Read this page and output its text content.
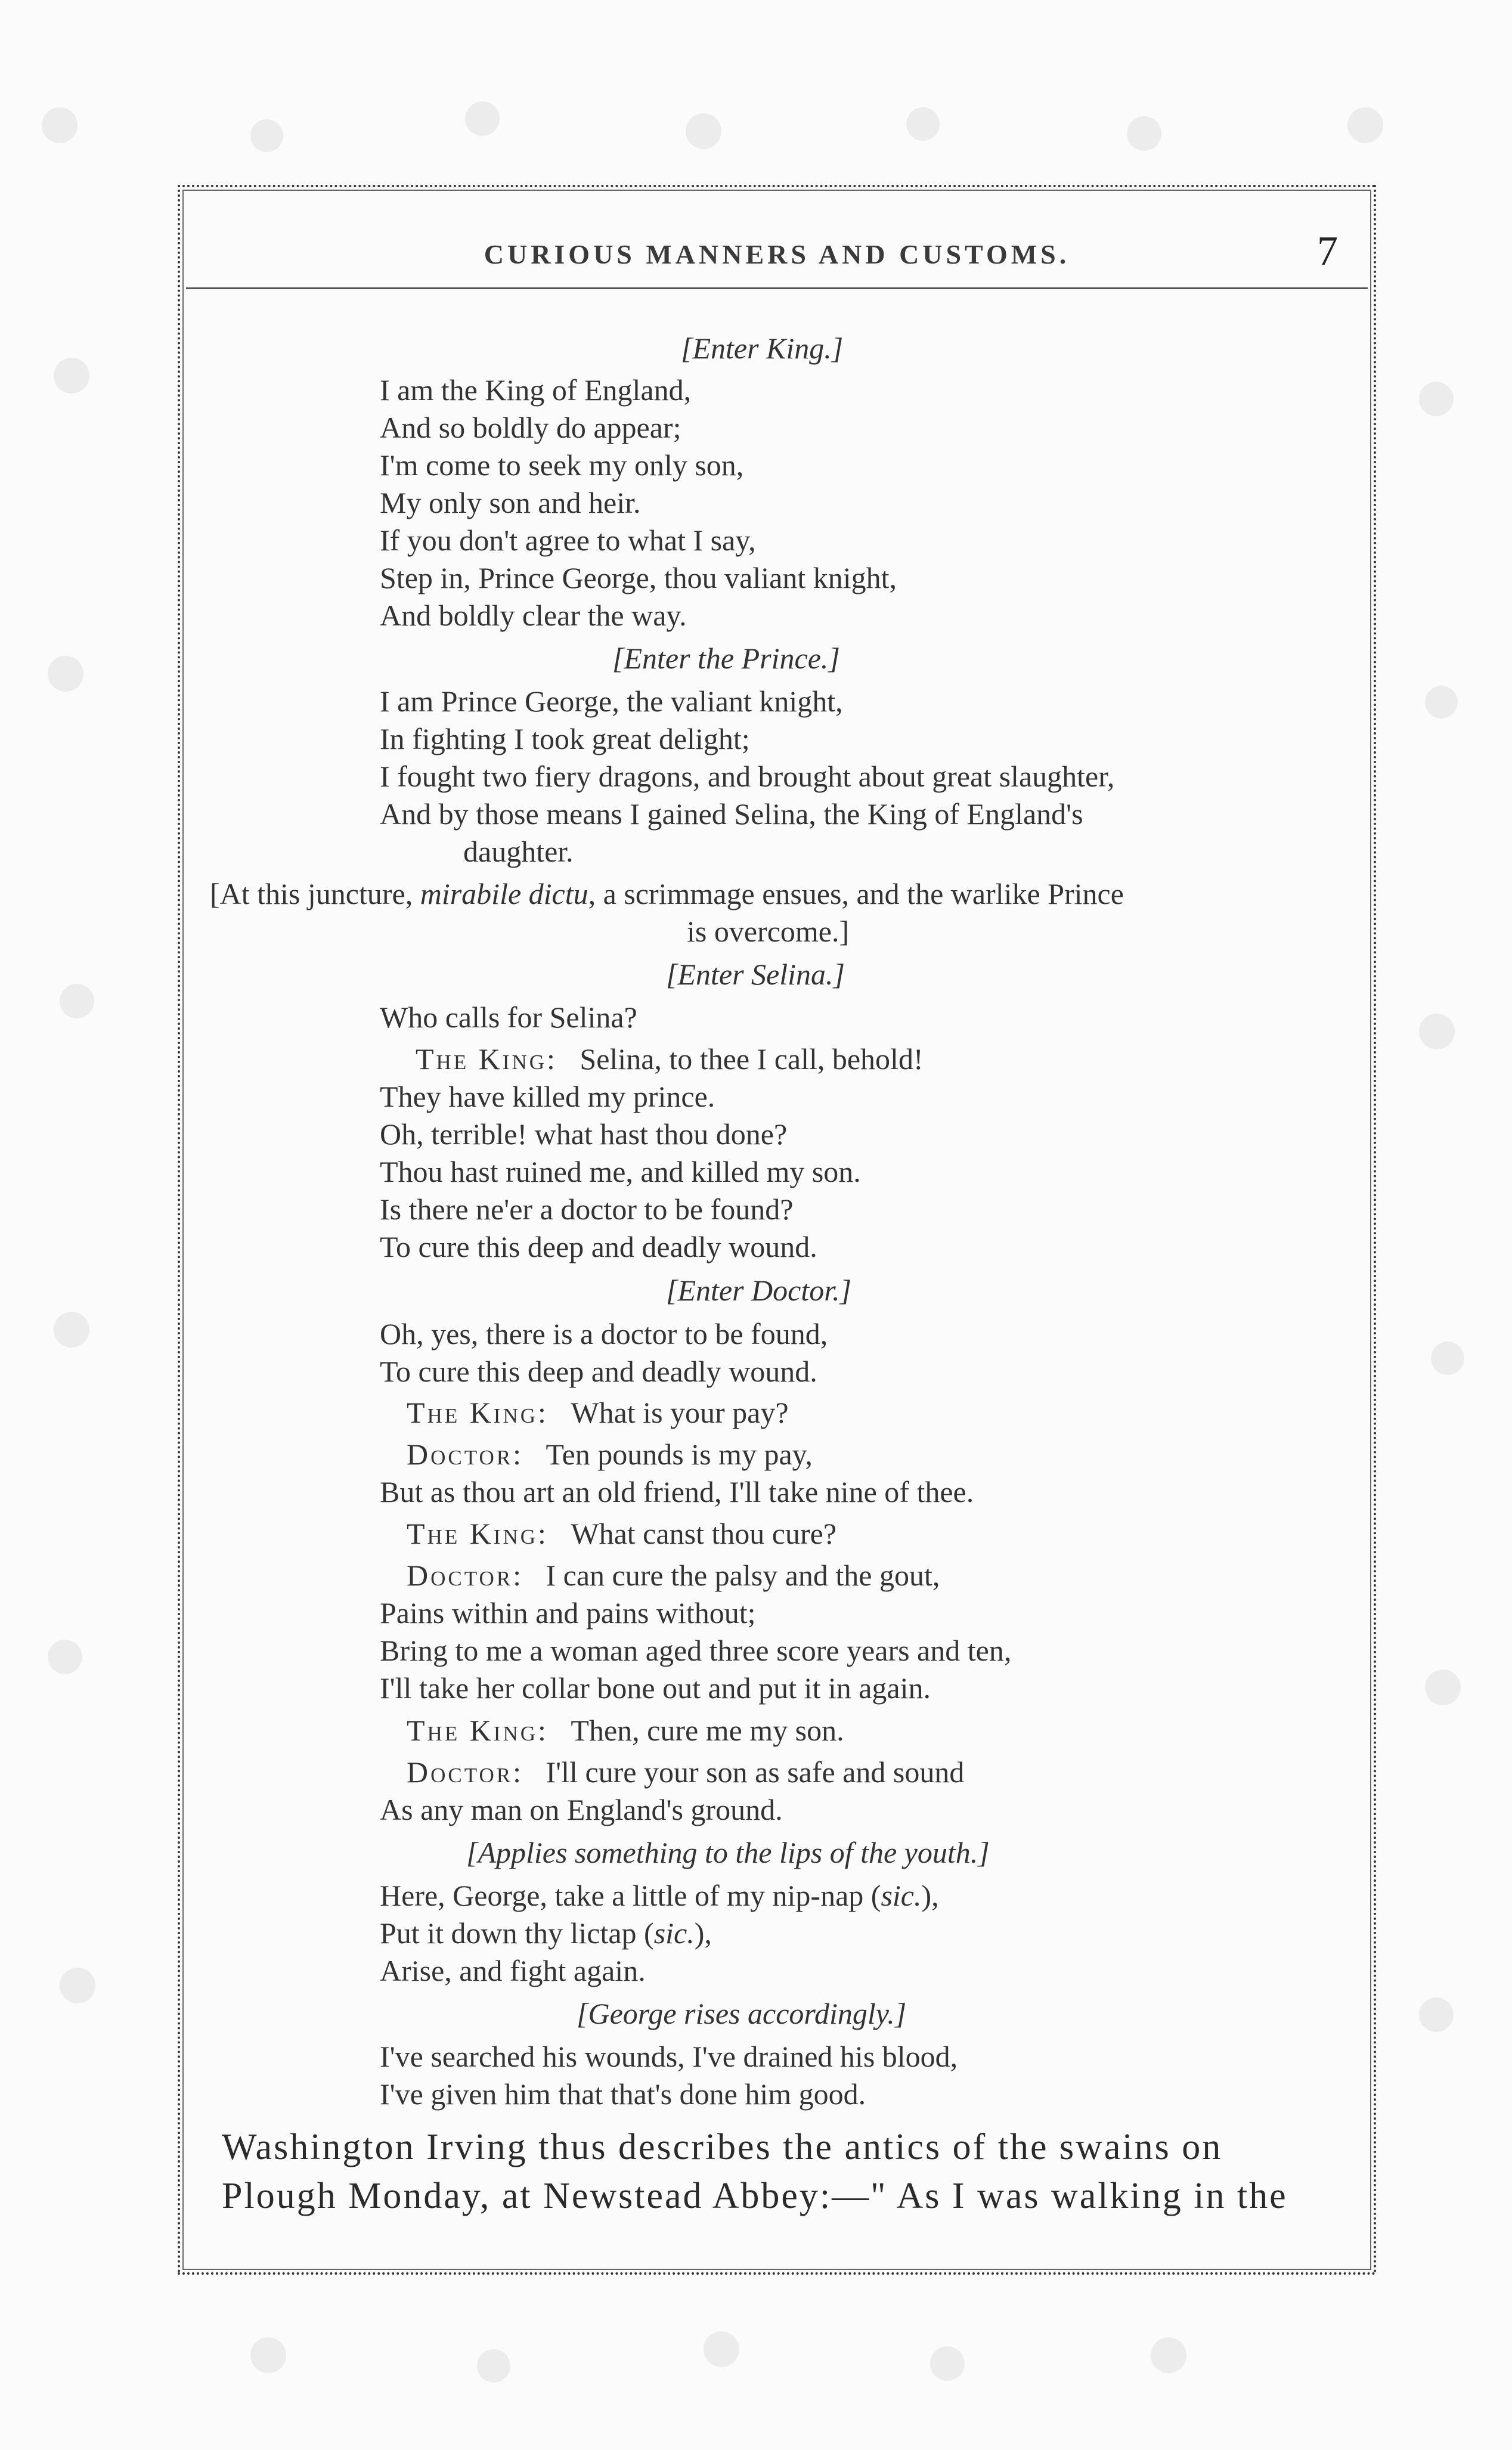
CURIOUS MANNERS AND CUSTOMS.	7
[Enter King.]
I am the King of England,
And so boldly do appear;
I'm come to seek my only son,
My only son and heir.
If you don't agree to what I say,
Step in, Prince George, thou valiant knight,
And boldly clear the way.
[Enter the Prince.]
I am Prince George, the valiant knight,
In fighting I took great delight;
I fought two fiery dragons, and brought about great slaughter,
And by those means I gained Selina, the King of England's
daughter.
[At this juncture, mirabile dictu, a scrimmage ensues, and the warlike Prince
is overcome.]
[Enter Selina.]
Who calls for Selina?
The King: Selina, to thee I call, behold!
They have killed my prince.
Oh, terrible! what hast thou done?
Thou hast ruined me, and killed my son.
Is there ne'er a doctor to be found?
To cure this deep and deadly wound.
[Enter Doctor.]
Oh, yes, there is a doctor to be found,
To cure this deep and deadly wound.
The King: What is your pay?
Doctor: Ten pounds is my pay,
But as thou art an old friend, I'll take nine of thee.
The King: What canst thou cure?
Doctor: I can cure the palsy and the gout,
Pains within and pains without;
Bring to me a woman aged three score years and ten,
I'll take her collar bone out and put it in again.
The King: Then, cure me my son.
Doctor: I'll cure your son as safe and sound
As any man on England's ground.
[Applies something to the lips of the youth.]
Here, George, take a little of my nip-nap (sic.),
Put it down thy lictap (sic.),
Arise, and fight again.
[George rises accordingly.]
I've searched his wounds, I've drained his blood,
I've given him that that's done him good.
Washington Irving thus describes the antics of the swains on
Plough Monday, at Newstead Abbey:—" As I was walking in the
